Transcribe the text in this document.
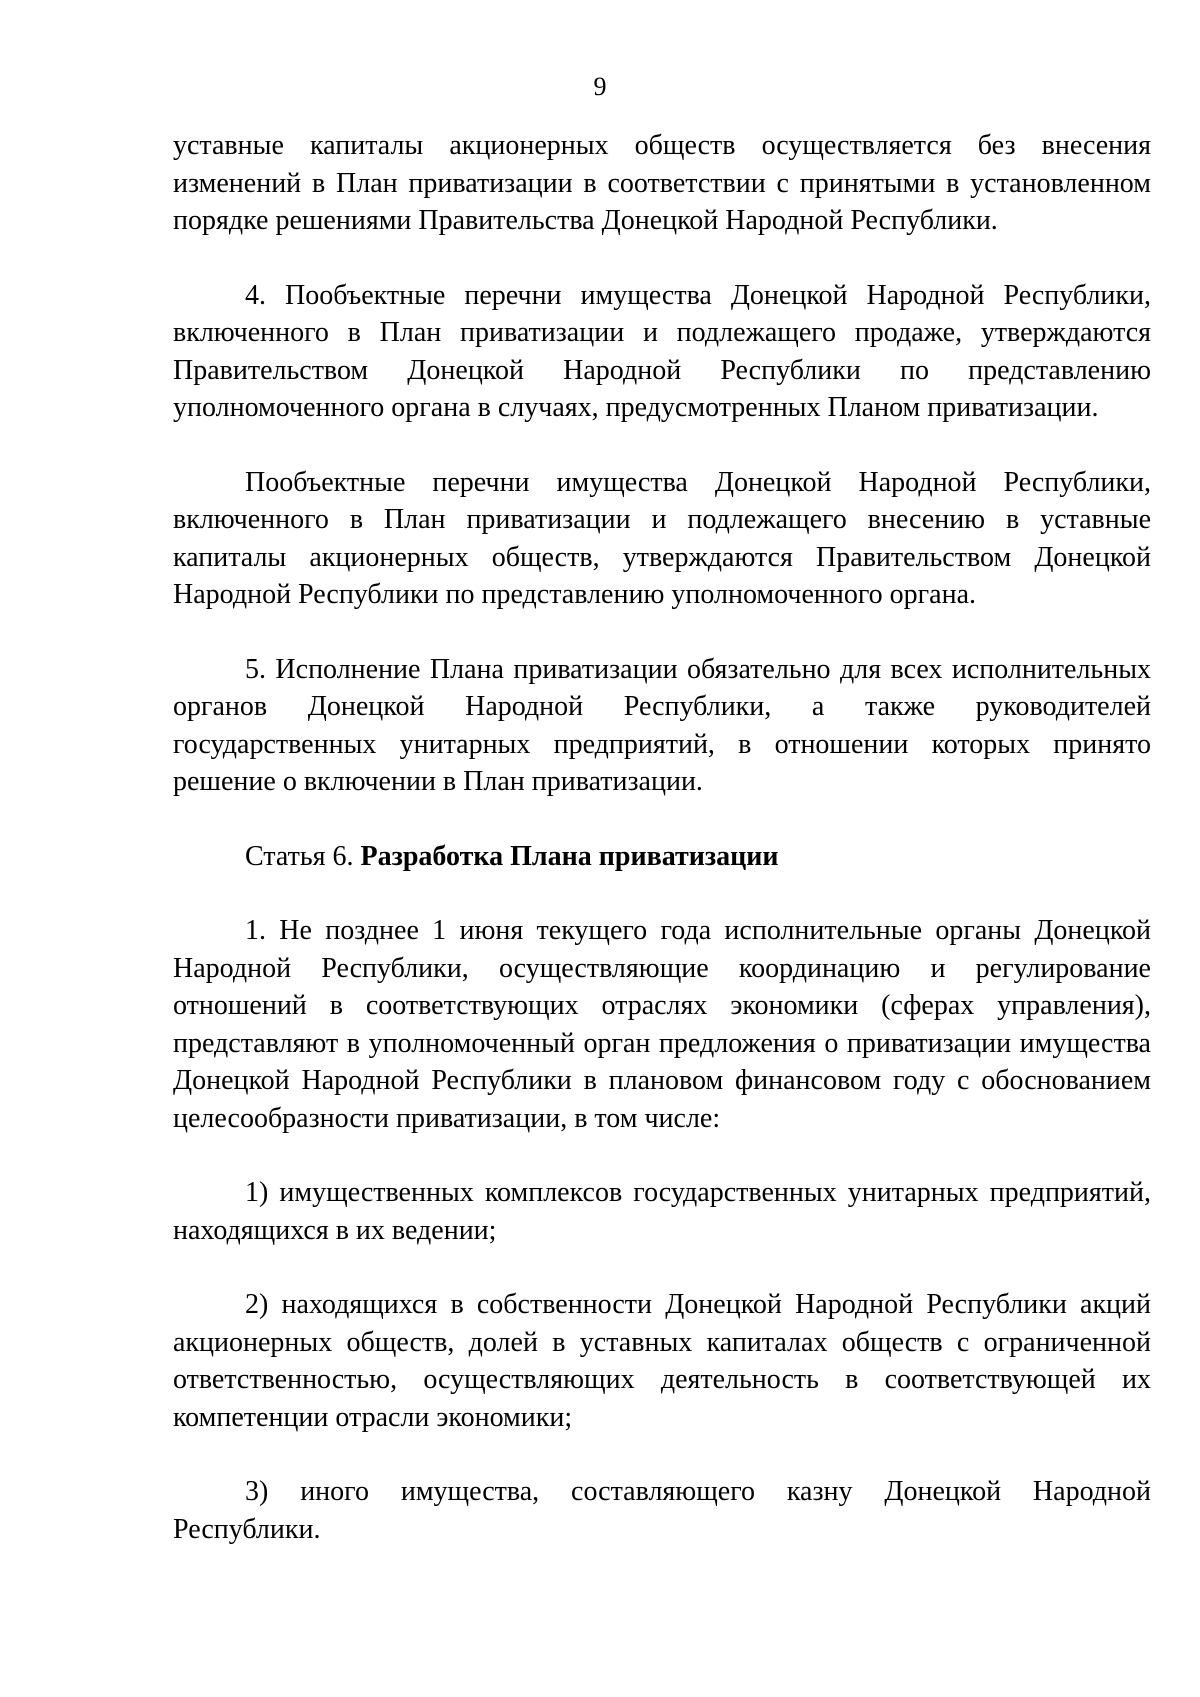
9

уставные капиталы акционерных обществ осуществляется без внесения изменений в План приватизации в соответствии с принятыми в установленном порядке решениями Правительства Донецкой Народной Республики.

4. Пообъектные перечни имущества Донецкой Народной Республики, включенного в План приватизации и подлежащего продаже, утверждаются Правительством Донецкой Народной Республики по представлению уполномоченного органа в случаях, предусмотренных Планом приватизации.

Пообъектные перечни имущества Донецкой Народной Республики, включенного в План приватизации и подлежащего внесению в уставные капиталы акционерных обществ, утверждаются Правительством Донецкой Народной Республики по представлению уполномоченного органа.

5. Исполнение Плана приватизации обязательно для всех исполнительных органов Донецкой Народной Республики, а также руководителей государственных унитарных предприятий, в отношении которых принято решение о включении в План приватизации.

Статья 6. Разработка Плана приватизации

1. Не позднее 1 июня текущего года исполнительные органы Донецкой Народной Республики, осуществляющие координацию и регулирование отношений в соответствующих отраслях экономики (сферах управления), представляют в уполномоченный орган предложения о приватизации имущества Донецкой Народной Республики в плановом финансовом году с обоснованием целесообразности приватизации, в том числе:

1) имущественных комплексов государственных унитарных предприятий, находящихся в их ведении;

2) находящихся в собственности Донецкой Народной Республики акций акционерных обществ, долей в уставных капиталах обществ с ограниченной ответственностью, осуществляющих деятельность в соответствующей их компетенции отрасли экономики;

3) иного имущества, составляющего казну Донецкой Народной Республики.
